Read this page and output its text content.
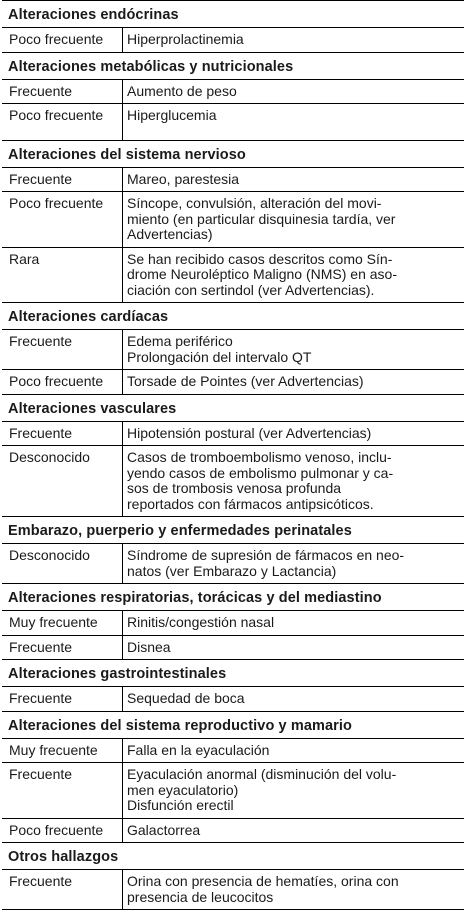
Alteraciones endócrinas
Poco frecuente	Hiperprolactinemia
Alteraciones metabólicas y nutricionales
Frecuente	Aumento de peso
Poco frecuente	Hiperglucemia
Alteraciones del sistema nervioso
Frecuente	Mareo, parestesia
Poco frecuente	Síncope, convulsión, alteración del movi-
miento (en particular disquinesia tardía, ver
Advertencias)
Rara	Se han recibido casos descritos como Sín-
drome Neuroléptico Maligno (NMS) en aso-
ciación con sertindol (ver Advertencias).
Alteraciones cardíacas
Frecuente	Edema periférico
Prolongación del intervalo QT
Poco frecuente	Torsade de Pointes (ver Advertencias)
Alteraciones vasculares
Frecuente	Hipotensión postural (ver Advertencias)
Desconocido	Casos de tromboembolismo venoso, inclu-
yendo casos de embolismo pulmonar y ca-
sos de trombosis venosa profunda
reportados con fármacos antipsicóticos.
Embarazo, puerperio y enfermedades perinatales
Desconocido	Síndrome de supresión de fármacos en neo-
natos (ver Embarazo y Lactancia)
Alteraciones respiratorias, torácicas y del mediastino
Muy frecuente	Rinitis/congestión nasal
Frecuente	Disnea
Alteraciones gastrointestinales
Frecuente	Sequedad de boca
Alteraciones del sistema reproductivo y mamario
Muy frecuente	Falla en la eyaculación
Frecuente	Eyaculación anormal (disminución del volu-
men eyaculatorio)
Disfunción erectil
Poco frecuente	Galactorrea
Otros hallazgos
Frecuente	Orina con presencia de hematíes, orina con
presencia de leucocitos
